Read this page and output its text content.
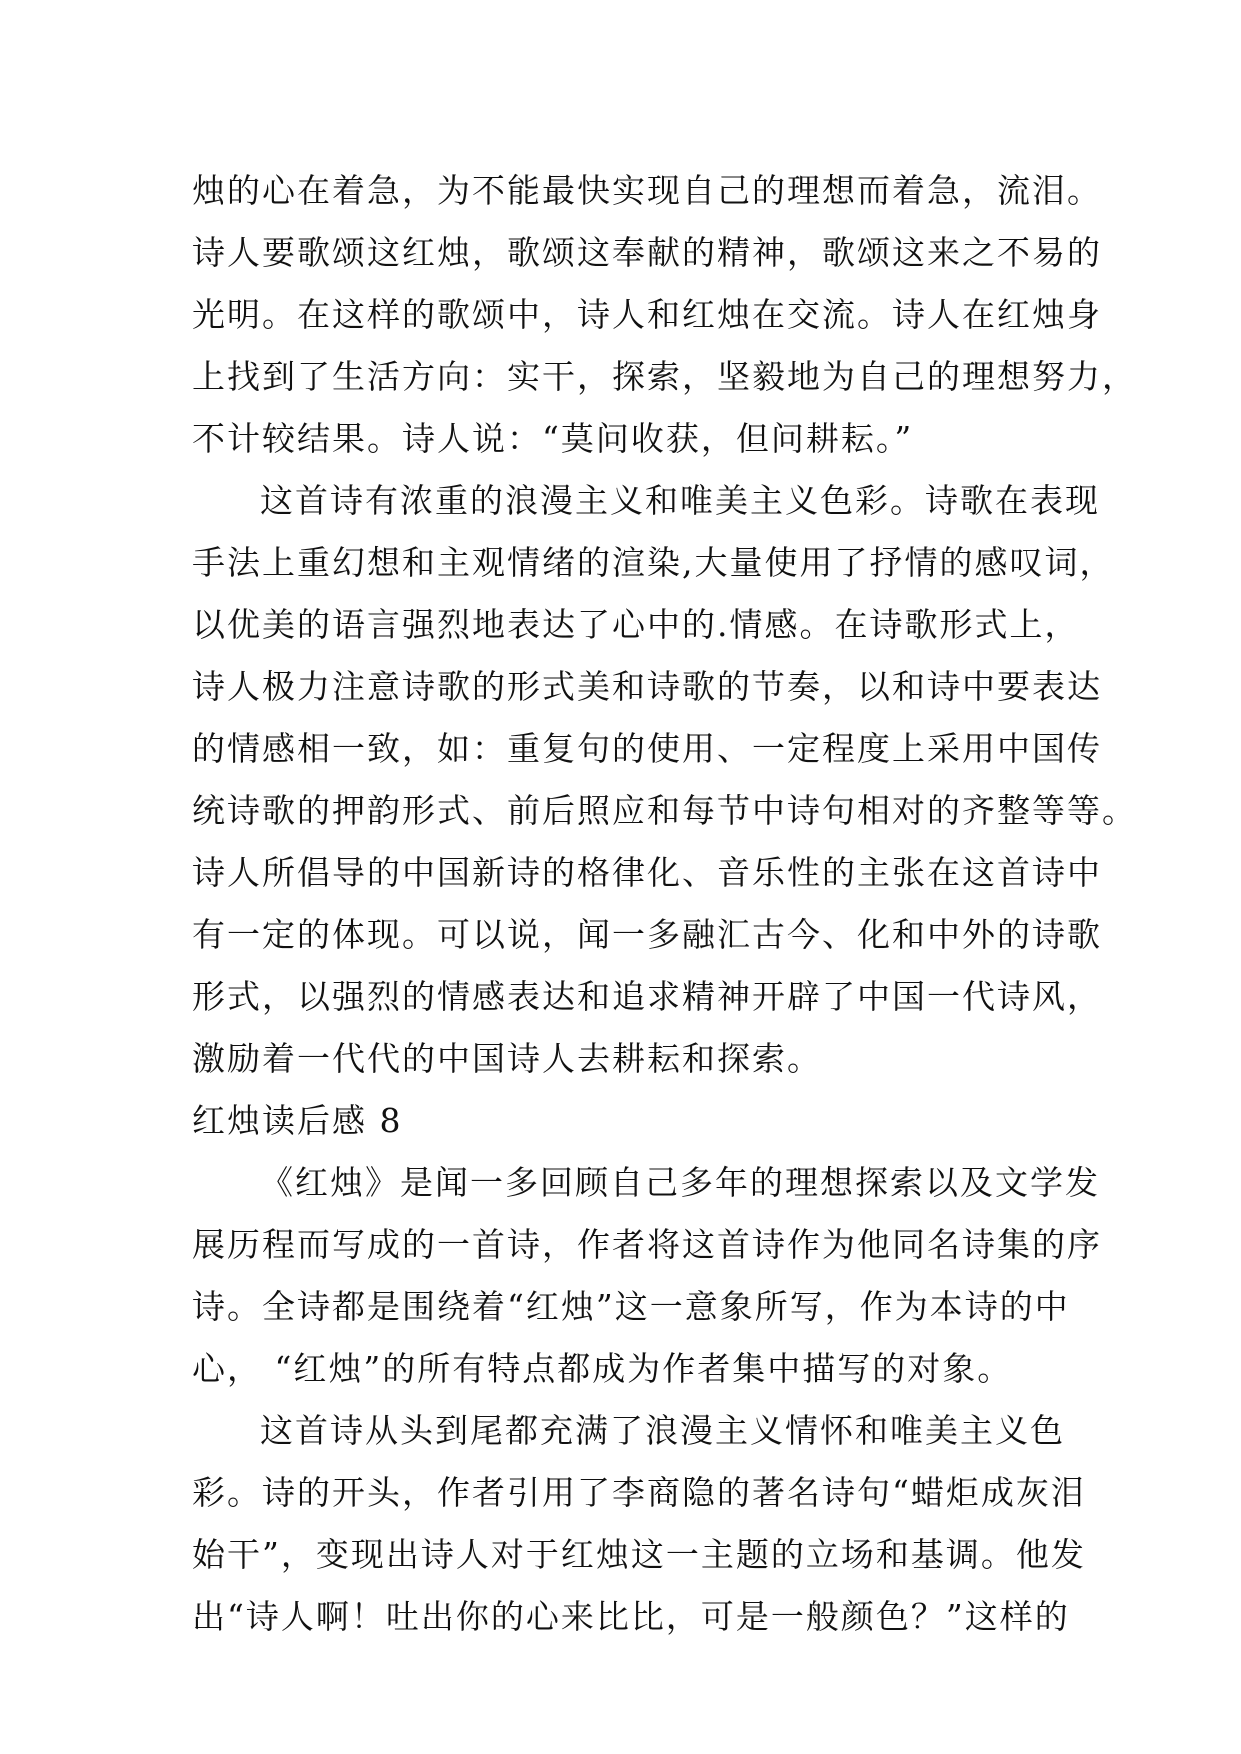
烛的心在着急，为不能最快实现自己的理想而着急，流泪。
诗人要歌颂这红烛，歌颂这奉献的精神，歌颂这来之不易的
光明。在这样的歌颂中，诗人和红烛在交流。诗人在红烛身
上找到了生活方向：实干，探索，坚毅地为自己的理想努力，
不计较结果。诗人说：“莫问收获，但问耕耘。”
这首诗有浓重的浪漫主义和唯美主义色彩。诗歌在表现
手法上重幻想和主观情绪的渲染,大量使用了抒情的感叹词，
以优美的语言强烈地表达了心中的.情感。在诗歌形式上，
诗人极力注意诗歌的形式美和诗歌的节奏，以和诗中要表达
的情感相一致，如：重复句的使用、一定程度上采用中国传
统诗歌的押韵形式、前后照应和每节中诗句相对的齐整等等。
诗人所倡导的中国新诗的格律化、音乐性的主张在这首诗中
有一定的体现。可以说，闻一多融汇古今、化和中外的诗歌
形式，以强烈的情感表达和追求精神开辟了中国一代诗风，
激励着一代代的中国诗人去耕耘和探索。
红烛读后感 8
《红烛》是闻一多回顾自己多年的理想探索以及文学发
展历程而写成的一首诗，作者将这首诗作为他同名诗集的序
诗。全诗都是围绕着“红烛”这一意象所写，作为本诗的中
心， “红烛”的所有特点都成为作者集中描写的对象。
这首诗从头到尾都充满了浪漫主义情怀和唯美主义色
彩。诗的开头，作者引用了李商隐的著名诗句“蜡炬成灰泪
始干”，变现出诗人对于红烛这一主题的立场和基调。他发
出“诗人啊！吐出你的心来比比，可是一般颜色？”这样的
